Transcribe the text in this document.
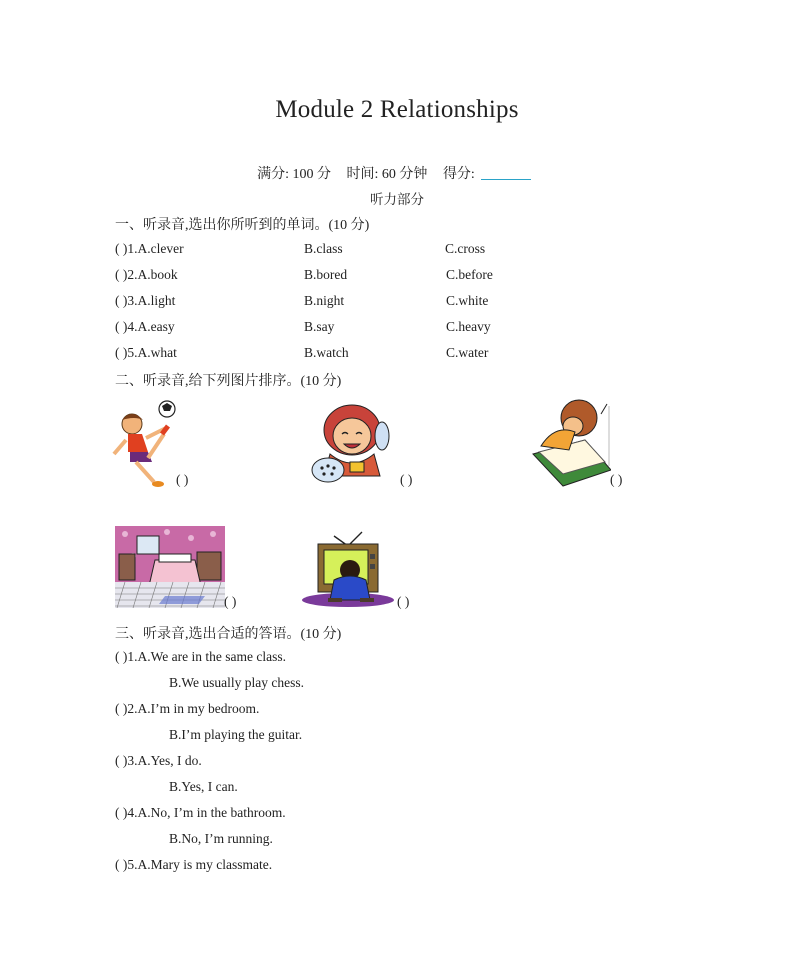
Module 2 Relationships
满分: 100 分 时间: 60 分钟 得分:
听力部分
一、听录音,选出你所听到的单词。(10 分)
( )1.A.clever	B.class	C.cross
( )2.A.book	B.bored	C.before
( )3.A.light	B.night	C.white
( )4.A.easy	B.say	C.heavy
( )5.A.what	B.watch	C.water
二、听录音,给下列图片排序。(10 分)
( )	( )	( )
( )	( )
三、听录音,选出合适的答语。(10 分)
( )1.A.We are in the same class.
B.We usually play chess.
( )2.A.I’m in my bedroom.
B.I’m playing the guitar.
( )3.A.Yes, I do.
B.Yes, I can.
( )4.A.No, I’m in the bathroom.
B.No, I’m running.
( )5.A.Mary is my classmate.
